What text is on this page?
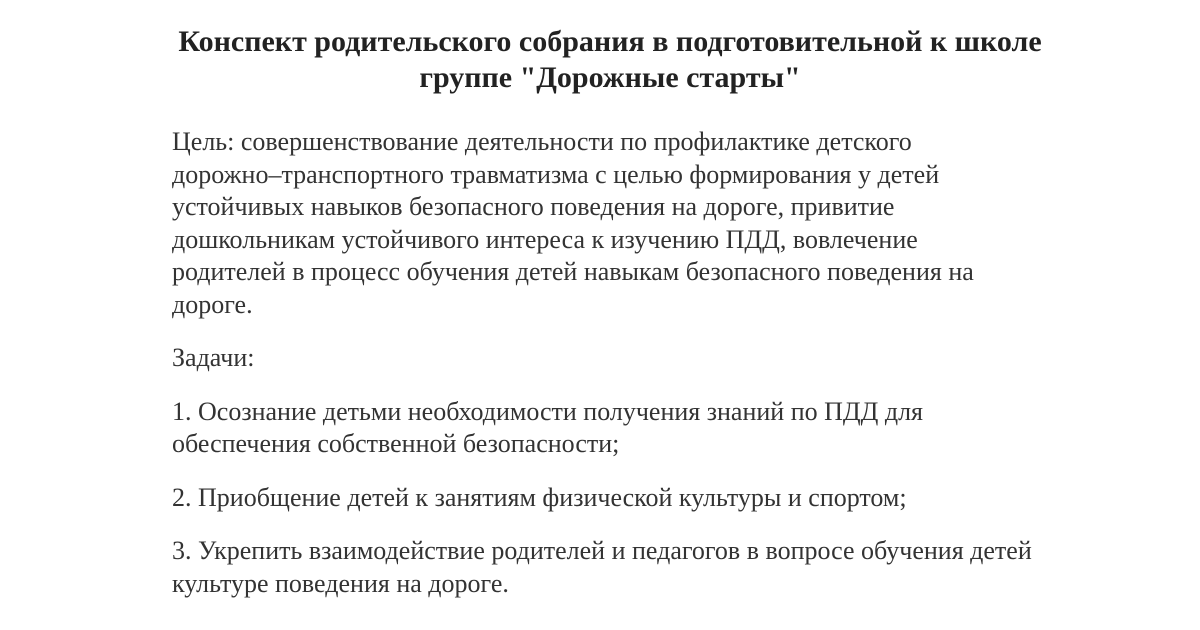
Конспект родительского собрания в подготовительной к школе
группе "Дорожные старты"

Цель: совершенствование деятельности по профилактике детского
дорожно–транспортного травматизма с целью формирования у детей
устойчивых навыков безопасного поведения на дороге, привитие
дошкольникам устойчивого интереса к изучению ПДД, вовлечение
родителей в процесс обучения детей навыкам безопасного поведения на
дороге.

Задачи:

1. Осознание детьми необходимости получения знаний по ПДД для
обеспечения собственной безопасности;

2. Приобщение детей к занятиям физической культуры и спортом;

3. Укрепить взаимодействие родителей и педагогов в вопросе обучения детей
культуре поведения на дороге.
